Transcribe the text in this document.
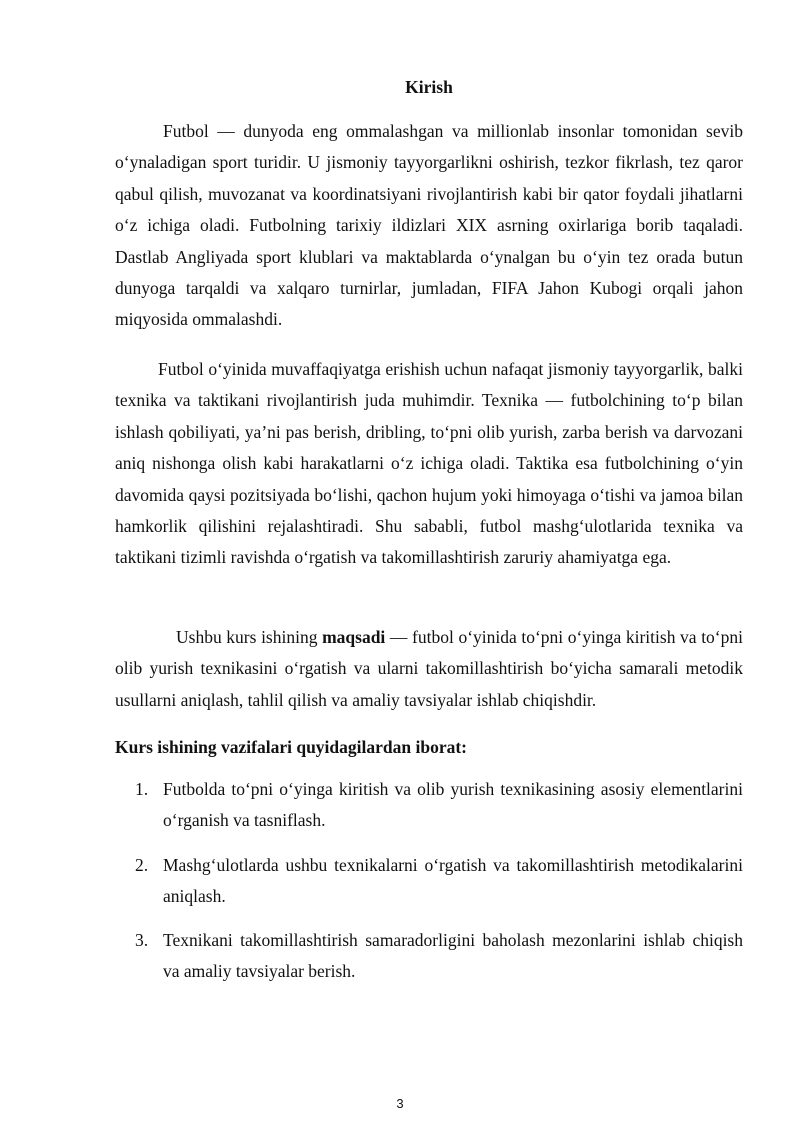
Kirish

Futbol — dunyoda eng ommalashgan va millionlab insonlar tomonidan sevib o‘ynaladigan sport turidir. U jismoniy tayyorgarlikni oshirish, tezkor fikrlash, tez qaror qabul qilish, muvozanat va koordinatsiyani rivojlantirish kabi bir qator foydali jihatlarni o‘z ichiga oladi. Futbolning tarixiy ildizlari XIX asrning oxirlariga borib taqaladi. Dastlab Angliyada sport klublari va maktablarda o‘ynalgan bu o‘yin tez orada butun dunyoga tarqaldi va xalqaro turnirlar, jumladan, FIFA Jahon Kubogi orqali jahon miqyosida ommalashdi.

Futbol o‘yinida muvaffaqiyatga erishish uchun nafaqat jismoniy tayyorgarlik, balki texnika va taktikani rivojlantirish juda muhimdir. Texnika — futbolchining to‘p bilan ishlash qobiliyati, ya’ni pas berish, dribling, to‘pni olib yurish, zarba berish va darvozani aniq nishonga olish kabi harakatlarni o‘z ichiga oladi. Taktika esa futbolchining o‘yin davomida qaysi pozitsiyada bo‘lishi, qachon hujum yoki himoyaga o‘tishi va jamoa bilan hamkorlik qilishini rejalashtiradi. Shu sababli, futbol mashg‘ulotlarida texnika va taktikani tizimli ravishda o‘rgatish va takomillashtirish zaruriy ahamiyatga ega.

Ushbu kurs ishining maqsadi — futbol o‘yinida to‘pni o‘yinga kiritish va to‘pni olib yurish texnikasini o‘rgatish va ularni takomillashtirish bo‘yicha samarali metodik usullarni aniqlash, tahlil qilish va amaliy tavsiyalar ishlab chiqishdir.

Kurs ishining vazifalari quyidagilardan iborat:
1. Futbolda to‘pni o‘yinga kiritish va olib yurish texnikasining asosiy elementlarini o‘rganish va tasniflash.
2. Mashg‘ulotlarda ushbu texnikalarni o‘rgatish va takomillashtirish metodikalarini aniqlash.
3. Texnikani takomillashtirish samaradorligini baholash mezonlarini ishlab chiqish va amaliy tavsiyalar berish.
3
